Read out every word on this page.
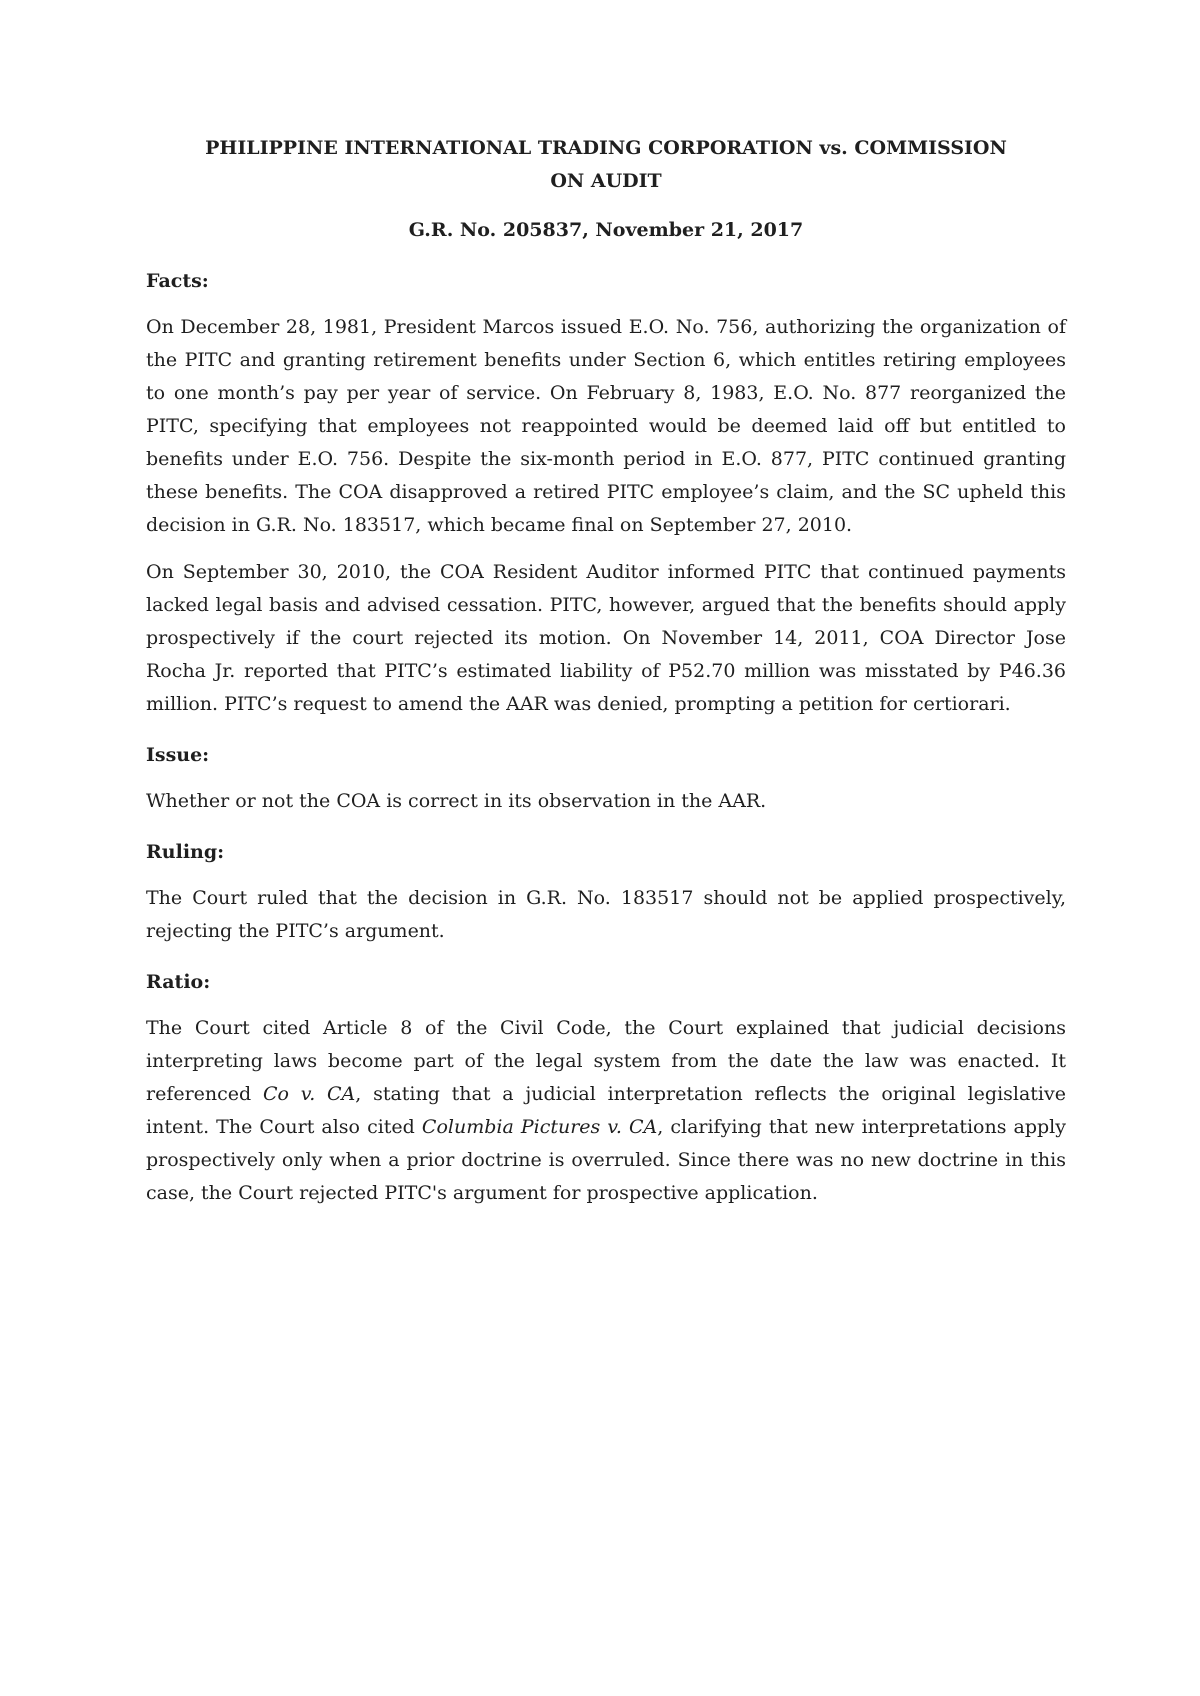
PHILIPPINE INTERNATIONAL TRADING CORPORATION vs. COMMISSION
ON AUDIT

G.R. No. 205837, November 21, 2017

Facts:

On December 28, 1981, President Marcos issued E.O. No. 756, authorizing the organization of the PITC and granting retirement benefits under Section 6, which entitles retiring employees to one month’s pay per year of service. On February 8, 1983, E.O. No. 877 reorganized the PITC, specifying that employees not reappointed would be deemed laid off but entitled to benefits under E.O. 756. Despite the six-month period in E.O. 877, PITC continued granting these benefits. The COA disapproved a retired PITC employee’s claim, and the SC upheld this decision in G.R. No. 183517, which became final on September 27, 2010.

On September 30, 2010, the COA Resident Auditor informed PITC that continued payments lacked legal basis and advised cessation. PITC, however, argued that the benefits should apply prospectively if the court rejected its motion. On November 14, 2011, COA Director Jose Rocha Jr. reported that PITC’s estimated liability of P52.70 million was misstated by P46.36 million. PITC’s request to amend the AAR was denied, prompting a petition for certiorari.

Issue:

Whether or not the COA is correct in its observation in the AAR.

Ruling:

The Court ruled that the decision in G.R. No. 183517 should not be applied prospectively, rejecting the PITC’s argument.

Ratio:

The Court cited Article 8 of the Civil Code, the Court explained that judicial decisions interpreting laws become part of the legal system from the date the law was enacted. It referenced Co v. CA, stating that a judicial interpretation reflects the original legislative intent. The Court also cited Columbia Pictures v. CA, clarifying that new interpretations apply prospectively only when a prior doctrine is overruled. Since there was no new doctrine in this case, the Court rejected PITC's argument for prospective application.
